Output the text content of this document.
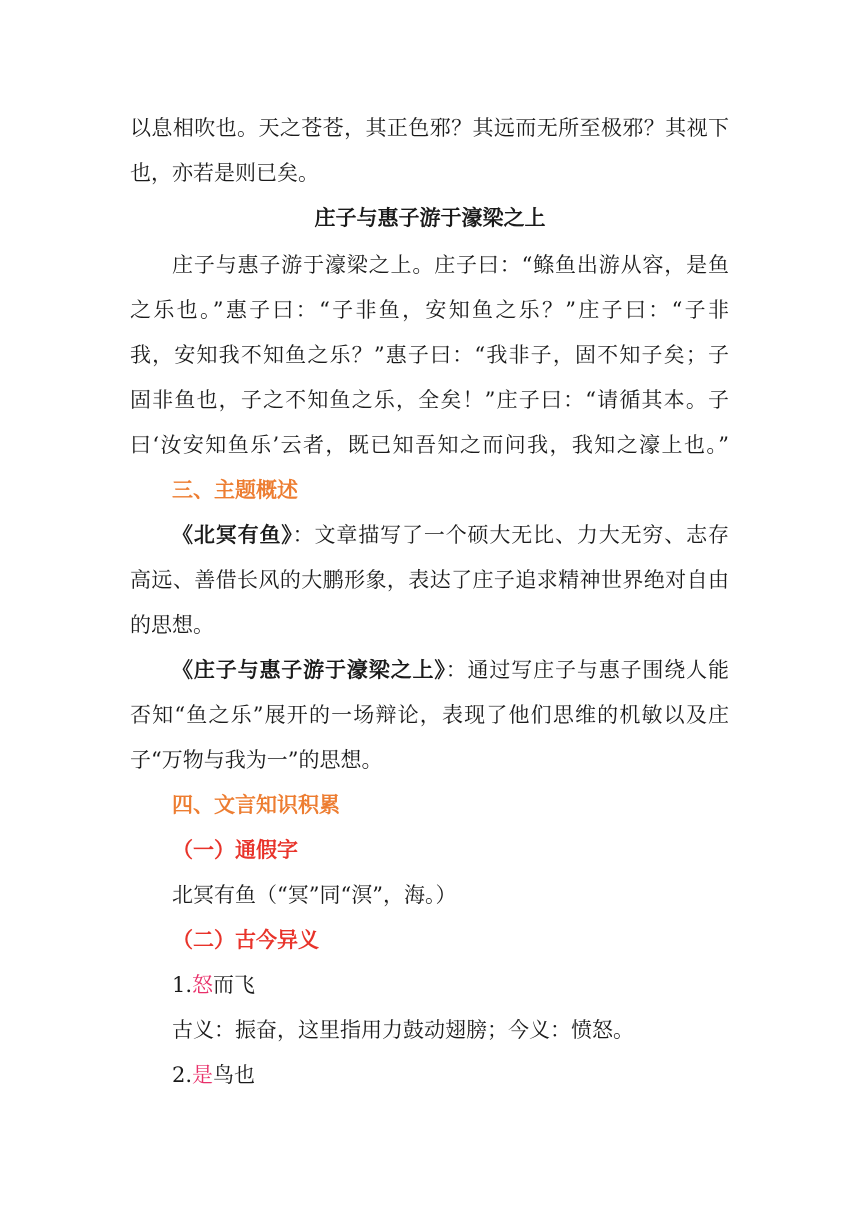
以息相吹也。天之苍苍，其正色邪？其远而无所至极邪？其视下
也，亦若是则已矣。
庄子与惠子游于濠梁之上
庄子与惠子游于濠梁之上。庄子曰：“鲦鱼出游从容，是鱼
之乐也。”惠子曰：“子非鱼，安知鱼之乐？”庄子曰：“子非
我，安知我不知鱼之乐？”惠子曰：“我非子，固不知子矣；子
固非鱼也，子之不知鱼之乐，全矣！”庄子曰：“请循其本。子
曰‘汝安知鱼乐’云者，既已知吾知之而问我，我知之濠上也。”
三、主题概述
《北冥有鱼》：文章描写了一个硕大无比、力大无穷、志存
高远、善借长风的大鹏形象，表达了庄子追求精神世界绝对自由
的思想。
《庄子与惠子游于濠梁之上》：通过写庄子与惠子围绕人能
否知“鱼之乐”展开的一场辩论，表现了他们思维的机敏以及庄
子“万物与我为一”的思想。
四、文言知识积累
（一）通假字
北冥有鱼（“冥”同“溟”，海。）
（二）古今异义
1.怒而飞
古义：振奋，这里指用力鼓动翅膀；今义：愤怒。
2.是鸟也
